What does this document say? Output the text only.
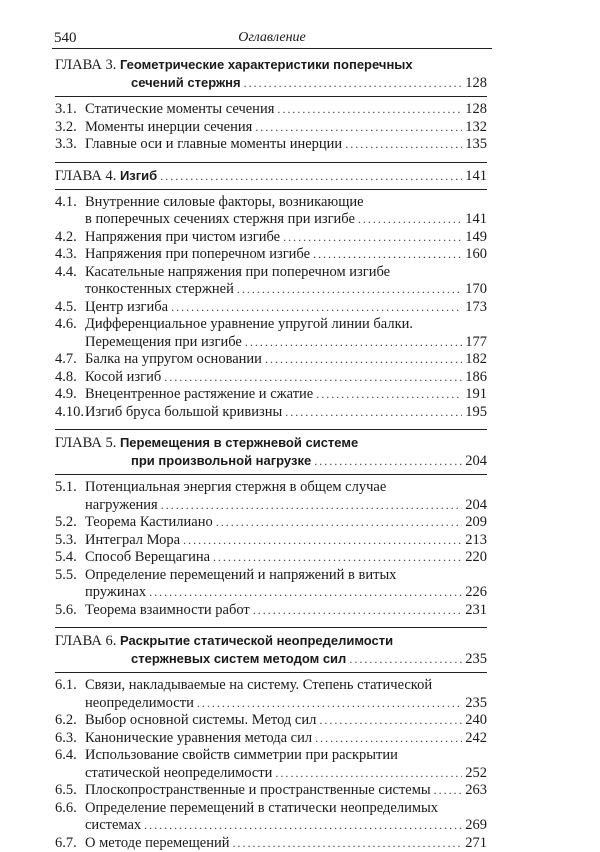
540	Оглавление
ГЛАВА 3. Геометрические характеристики поперечных
сечений стержня .....	128
3.1. Статические моменты сечения .....	128
3.2. Моменты инерции сечения .....	132
3.3. Главные оси и главные моменты инерции .....	135
ГЛАВА 4. Изгиб .....	141
4.1. Внутренние силовые факторы, возникающие
в поперечных сечениях стержня при изгибе .....	141
4.2. Напряжения при чистом изгибе .....	149
4.3. Напряжения при поперечном изгибе .....	160
4.4. Касательные напряжения при поперечном изгибе
тонкостенных стержней .....	170
4.5. Центр изгиба .....	173
4.6. Дифференциальное уравнение упругой линии балки.
Перемещения при изгибе .....	177
4.7. Балка на упругом основании .....	182
4.8. Косой изгиб .....	186
4.9. Внецентренное растяжение и сжатие .....	191
4.10. Изгиб бруса большой кривизны .....	195
ГЛАВА 5. Перемещения в стержневой системе
при произвольной нагрузке .....	204
5.1. Потенциальная энергия стержня в общем случае
нагружения .....	204
5.2. Теорема Кастилиано .....	209
5.3. Интеграл Мора .....	213
5.4. Способ Верещагина .....	220
5.5. Определение перемещений и напряжений в витых
пружинах .....	226
5.6. Теорема взаимности работ .....	231
ГЛАВА 6. Раскрытие статической неопределимости
стержневых систем методом сил .....	235
6.1. Связи, накладываемые на систему. Степень статической
неопределимости .....	235
6.2. Выбор основной системы. Метод сил .....	240
6.3. Канонические уравнения метода сил .....	242
6.4. Использование свойств симметрии при раскрытии
статической неопределимости .....	252
6.5. Плоскопространственные и пространственные системы ..... 263
6.6. Определение перемещений в статически неопределимых
системах .....	269
6.7. О методе перемещений .....	271
